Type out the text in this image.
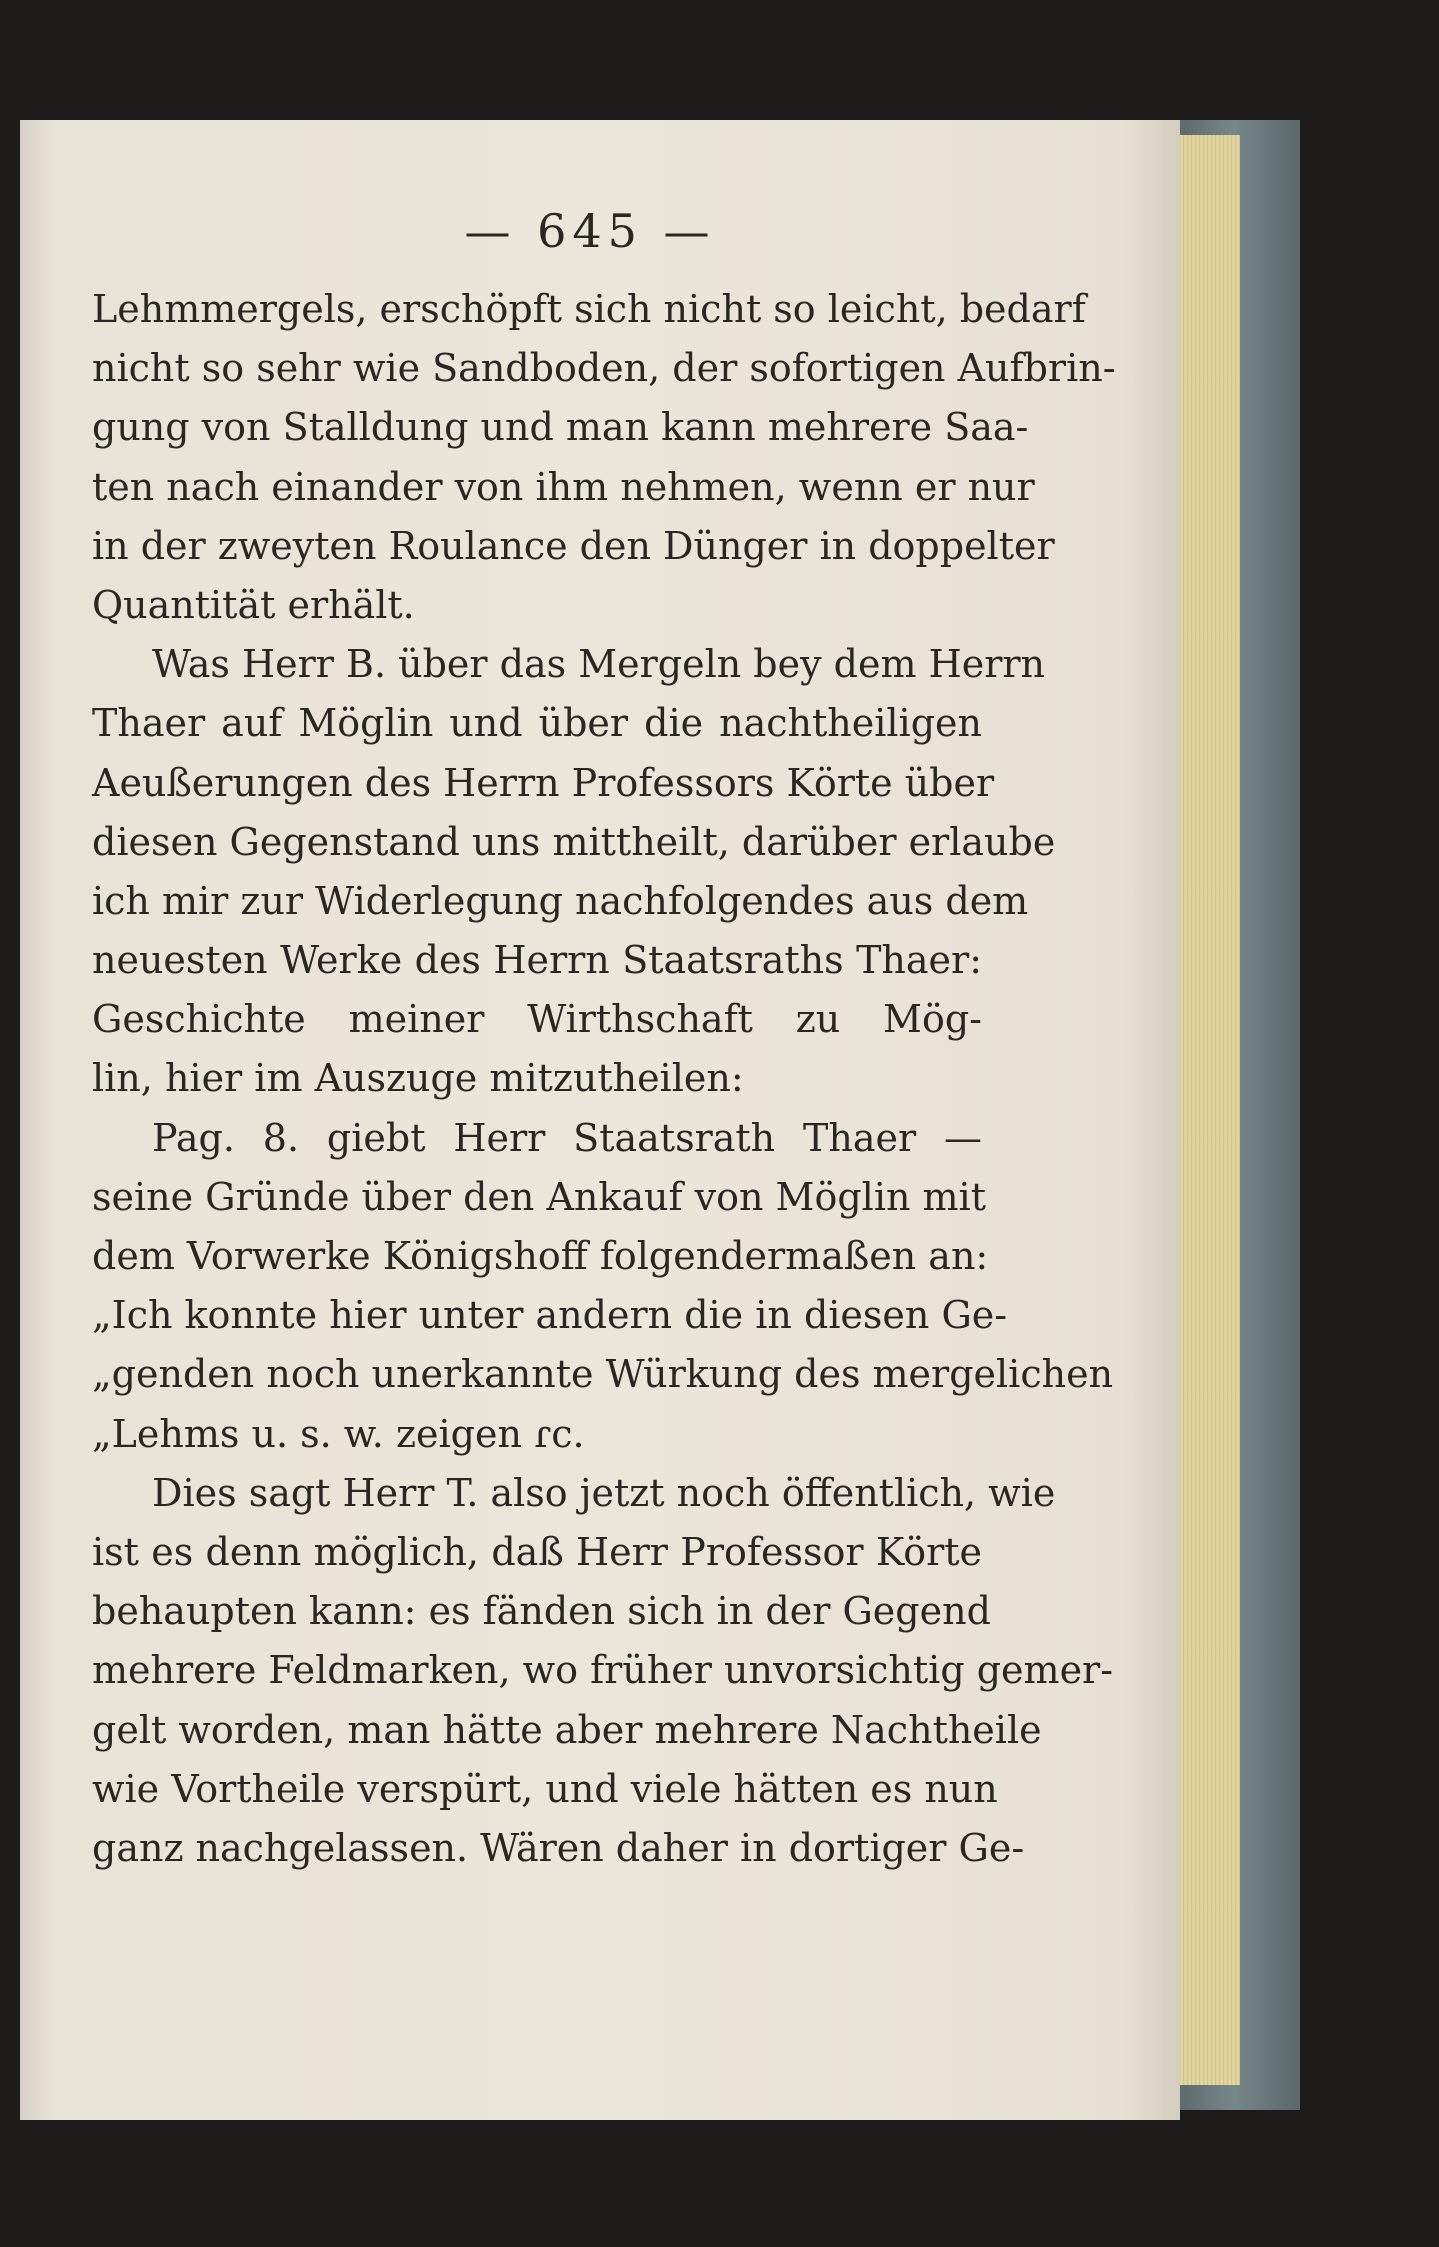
— 645 —
Lehmmergels, erschöpft sich nicht so leicht, bedarf
nicht so sehr wie Sandboden, der sofortigen Aufbrin-
gung von Stalldung und man kann mehrere Saa-
ten nach einander von ihm nehmen, wenn er nur
in der zweyten Roulance den Dünger in doppelter
Quantität erhält.
Was Herr B. über das Mergeln bey dem Herrn
Thaer auf Möglin und über die nachtheiligen
Aeußerungen des Herrn Professors Körte über
diesen Gegenstand uns mittheilt, darüber erlaube
ich mir zur Widerlegung nachfolgendes aus dem
neuesten Werke des Herrn Staatsraths Thaer:
Geschichte meiner Wirthschaft zu Mög-
lin, hier im Auszuge mitzutheilen:
Pag. 8. giebt Herr Staatsrath Thaer —
seine Gründe über den Ankauf von Möglin mit
dem Vorwerke Königshoff folgendermaßen an:
„Ich konnte hier unter andern die in diesen Ge-
„genden noch unerkannte Würkung des mergelichen
„Lehms u. s. w. zeigen ɾc.
Dies sagt Herr T. also jetzt noch öffentlich, wie
ist es denn möglich, daß Herr Professor Körte
behaupten kann: es fänden sich in der Gegend
mehrere Feldmarken, wo früher unvorsichtig gemer-
gelt worden, man hätte aber mehrere Nachtheile
wie Vortheile verspürt, und viele hätten es nun
ganz nachgelassen. Wären daher in dortiger Ge-
